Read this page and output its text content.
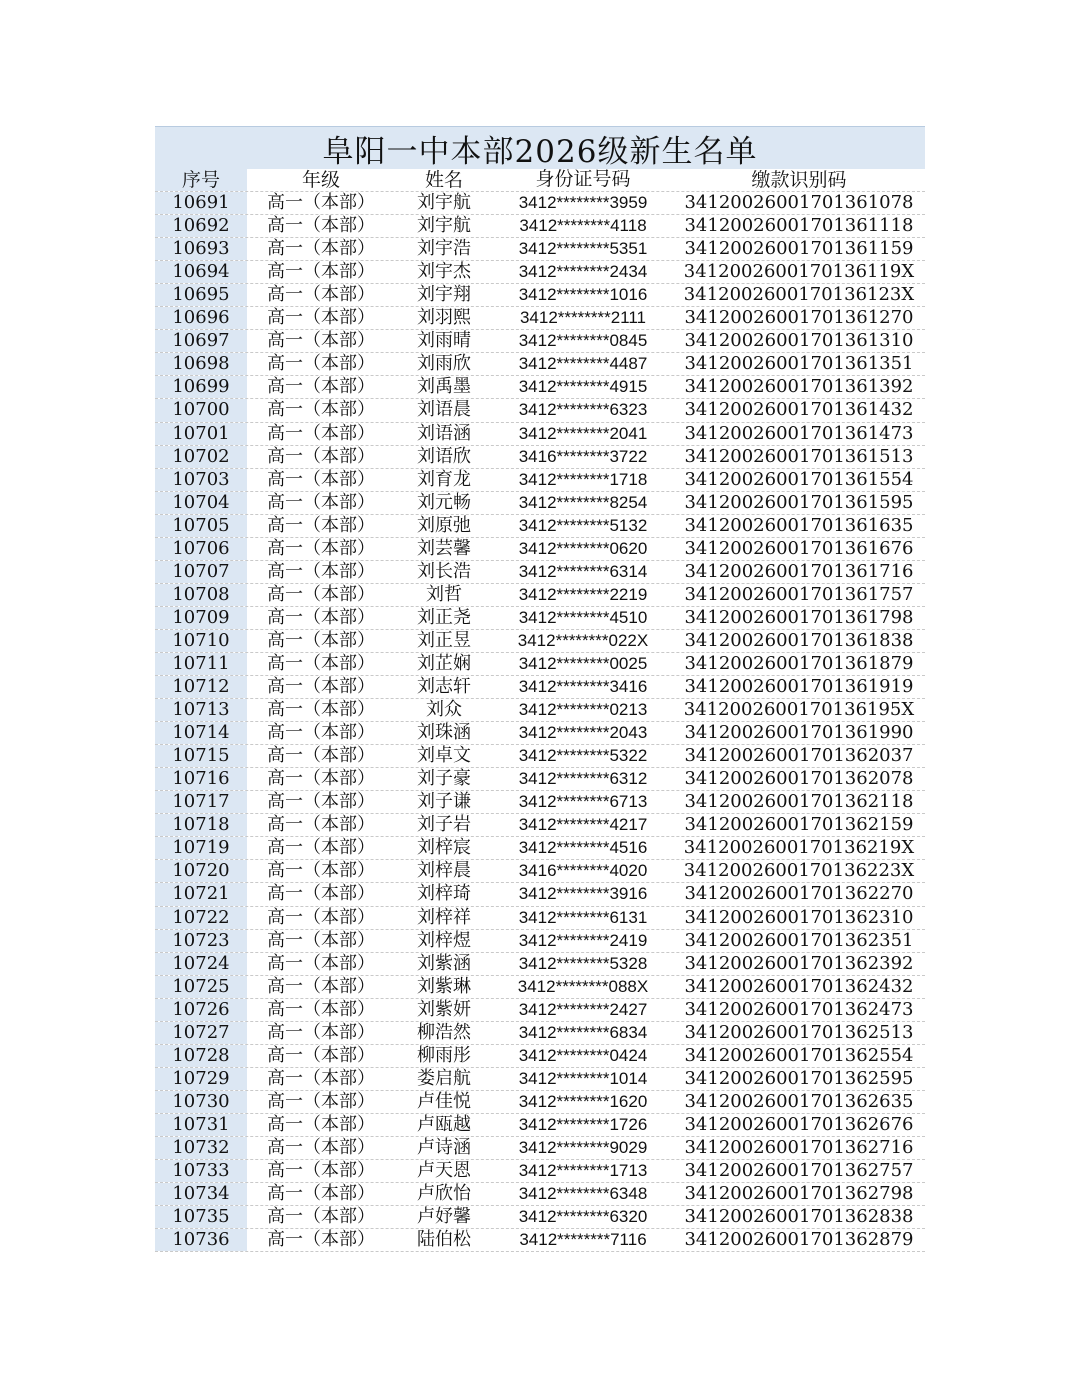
阜阳一中本部2026级新生名单
序号	年级	姓名	身份证号码	缴款识别码
10691	高一（本部）	刘宇航	3412********3959	34120026001701361078
10692	高一（本部）	刘宇航	3412********4118	34120026001701361118
10693	高一（本部）	刘宇浩	3412********5351	34120026001701361159
10694	高一（本部）	刘宇杰	3412********2434	3412002600170136119X
10695	高一（本部）	刘宇翔	3412********1016	3412002600170136123X
10696	高一（本部）	刘羽熙	3412********2111	34120026001701361270
10697	高一（本部）	刘雨晴	3412********0845	34120026001701361310
10698	高一（本部）	刘雨欣	3412********4487	34120026001701361351
10699	高一（本部）	刘禹墨	3412********4915	34120026001701361392
10700	高一（本部）	刘语晨	3412********6323	34120026001701361432
10701	高一（本部）	刘语涵	3412********2041	34120026001701361473
10702	高一（本部）	刘语欣	3416********3722	34120026001701361513
10703	高一（本部）	刘育龙	3412********1718	34120026001701361554
10704	高一（本部）	刘元畅	3412********8254	34120026001701361595
10705	高一（本部）	刘原弛	3412********5132	34120026001701361635
10706	高一（本部）	刘芸馨	3412********0620	34120026001701361676
10707	高一（本部）	刘长浩	3412********6314	34120026001701361716
10708	高一（本部）	刘哲	3412********2219	34120026001701361757
10709	高一（本部）	刘正尧	3412********4510	34120026001701361798
10710	高一（本部）	刘正昱	3412********022X	34120026001701361838
10711	高一（本部）	刘芷娴	3412********0025	34120026001701361879
10712	高一（本部）	刘志轩	3412********3416	34120026001701361919
10713	高一（本部）	刘众	3412********0213	3412002600170136195X
10714	高一（本部）	刘珠涵	3412********2043	34120026001701361990
10715	高一（本部）	刘卓文	3412********5322	34120026001701362037
10716	高一（本部）	刘子豪	3412********6312	34120026001701362078
10717	高一（本部）	刘子谦	3412********6713	34120026001701362118
10718	高一（本部）	刘子岩	3412********4217	34120026001701362159
10719	高一（本部）	刘梓宸	3412********4516	3412002600170136219X
10720	高一（本部）	刘梓晨	3416********4020	3412002600170136223X
10721	高一（本部）	刘梓琦	3412********3916	34120026001701362270
10722	高一（本部）	刘梓祥	3412********6131	34120026001701362310
10723	高一（本部）	刘梓煜	3412********2419	34120026001701362351
10724	高一（本部）	刘紫涵	3412********5328	34120026001701362392
10725	高一（本部）	刘紫琳	3412********088X	34120026001701362432
10726	高一（本部）	刘紫妍	3412********2427	34120026001701362473
10727	高一（本部）	柳浩然	3412********6834	34120026001701362513
10728	高一（本部）	柳雨彤	3412********0424	34120026001701362554
10729	高一（本部）	娄启航	3412********1014	34120026001701362595
10730	高一（本部）	卢佳悦	3412********1620	34120026001701362635
10731	高一（本部）	卢瓯越	3412********1726	34120026001701362676
10732	高一（本部）	卢诗涵	3412********9029	34120026001701362716
10733	高一（本部）	卢天恩	3412********1713	34120026001701362757
10734	高一（本部）	卢欣怡	3412********6348	34120026001701362798
10735	高一（本部）	卢妤馨	3412********6320	34120026001701362838
10736	高一（本部）	陆伯松	3412********7116	34120026001701362879
